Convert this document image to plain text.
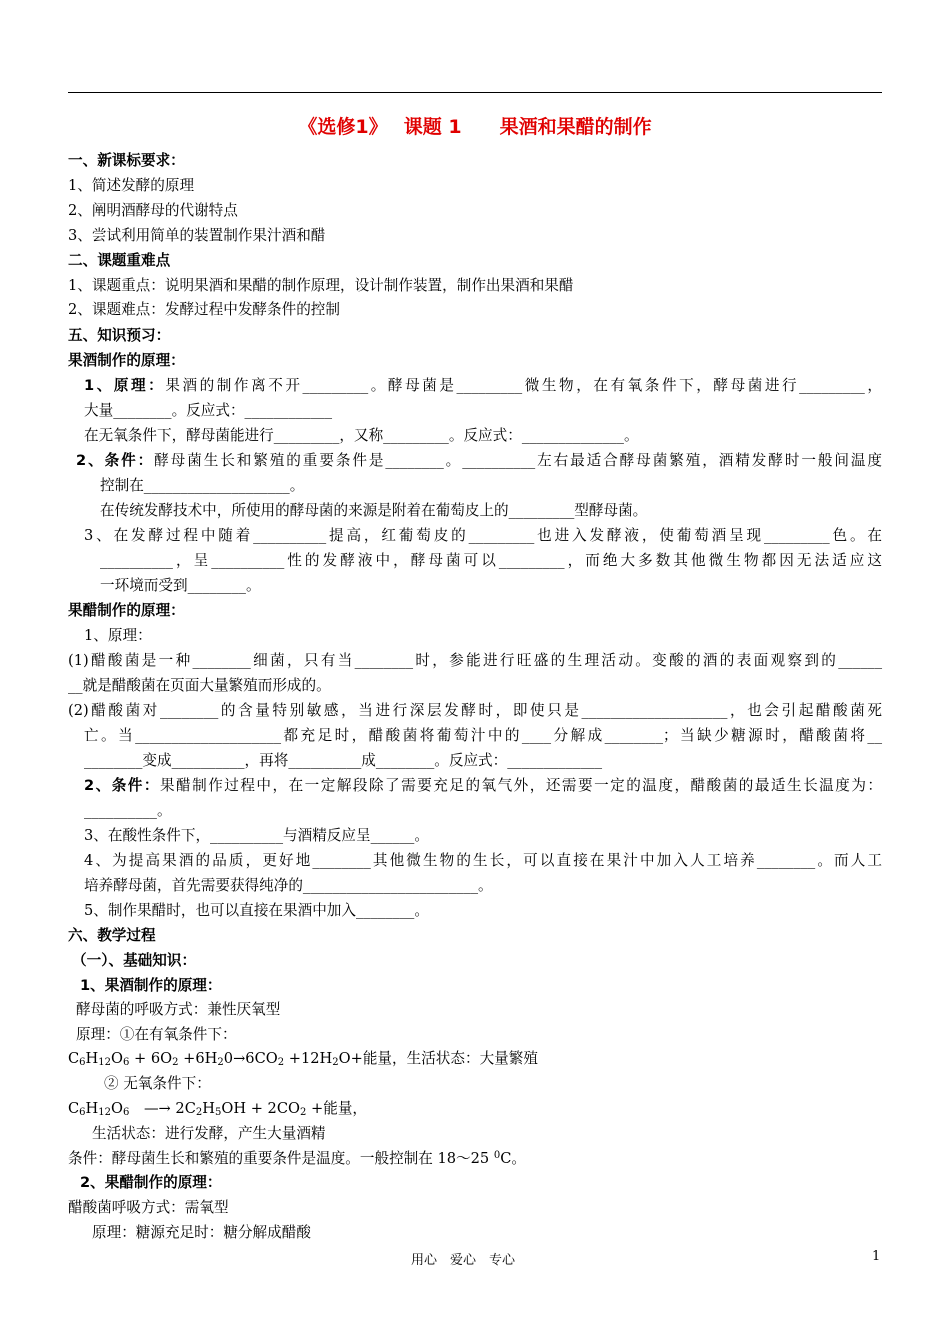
《选修1》　 课题 1　　果酒和果醋的制作
一、新课标要求：
1、简述发酵的原理
2、阐明酒酵母的代谢特点
3、尝试利用简单的装置制作果汁酒和醋
二、课题重难点
1、课题重点：说明果酒和果醋的制作原理，设计制作装置，制作出果酒和果醋
2、课题难点：发酵过程中发酵条件的控制
五、知识预习：
果酒制作的原理：
1、原理：果酒的制作离不开_________。酵母菌是_________微生物，在有氧条件下，酵母菌进行_________，
大量________。反应式：____________
在无氧条件下，酵母菌能进行_________，又称_________。反应式：______________。
2、条件：酵母菌生长和繁殖的重要条件是________。__________左右最适合酵母菌繁殖，酒精发酵时一般间温度
控制在____________________。
在传统发酵技术中，所使用的酵母菌的来源是附着在葡萄皮上的_________型酵母菌。
3、在发酵过程中随着__________提高，红葡萄皮的_________也进入发酵液，使葡萄酒呈现_________色。在
__________，呈__________性的发酵液中，酵母菌可以_________，而绝大多数其他微生物都因无法适应这
一环境而受到________。
果醋制作的原理：
1、原理：
(1)醋酸菌是一种________细菌，只有当________时，参能进行旺盛的生理活动。变酸的酒的表面观察到的______
__就是醋酸菌在页面大量繁殖而形成的。
(2)醋酸菌对________的含量特别敏感，当进行深层发酵时，即使只是____________________，也会引起醋酸菌死
亡。当____________________都充足时，醋酸菌将葡萄汁中的____分解成________；当缺少糖源时，醋酸菌将__
________变成__________，再将__________成________。反应式：_____________
2、条件：果醋制作过程中，在一定解段除了需要充足的氧气外，还需要一定的温度，醋酸菌的最适生长温度为：
__________。
3、在酸性条件下，__________与酒精反应呈______。
4、为提高果酒的品质，更好地________其他微生物的生长，可以直接在果汁中加入人工培养________。而人工
培养酵母菌，首先需要获得纯净的________________________。
5、制作果醋时，也可以直接在果酒中加入________。
六、教学过程
（一）、基础知识：
1、果酒制作的原理：
酵母菌的呼吸方式：兼性厌氧型
原理：①在有氧条件下：
$C_6H_{12}O_6 + 6O_2 +6H_20\to 6CO_2 +12H_2O+$能量，生活状态：大量繁殖
② 无氧条件下：
$C_6H_{12}O_6$　—→ $2C_2H_5OH + 2CO_2$ +能量，
生活状态：进行发酵，产生大量酒精
条件：酵母菌生长和繁殖的重要条件是温度。一般控制在 18～25 $^0$C。
2、果醋制作的原理：
醋酸菌呼吸方式：需氧型
原理：糖源充足时：糖分解成醋酸
用心　爱心　专心	1
